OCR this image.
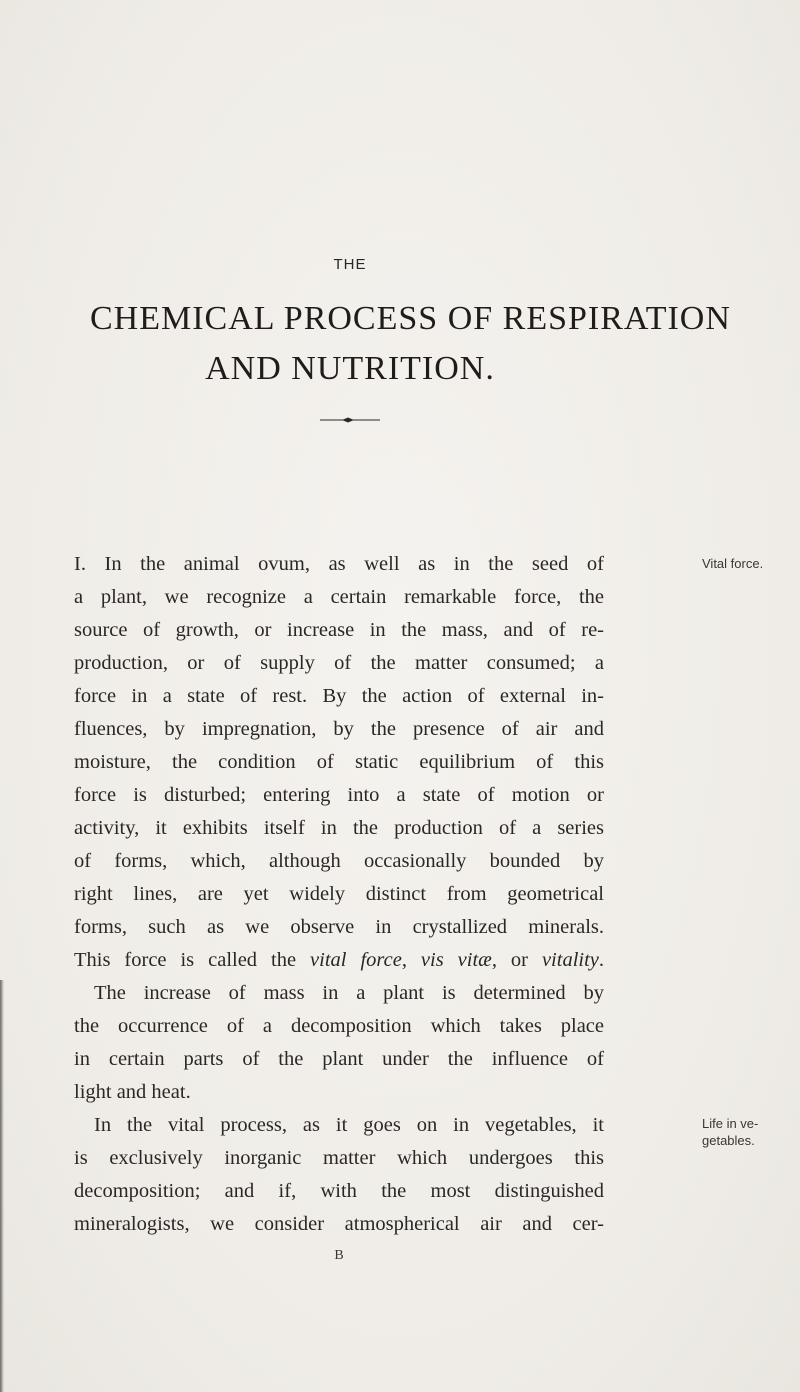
THE
CHEMICAL PROCESS OF RESPIRATION
AND NUTRITION.
I. In the animal ovum, as well as in the seed of
a plant, we recognize a certain remarkable force, the
source of growth, or increase in the mass, and of re-
production, or of supply of the matter consumed; a
force in a state of rest. By the action of external in-
fluences, by impregnation, by the presence of air and
moisture, the condition of static equilibrium of this
force is disturbed; entering into a state of motion or
activity, it exhibits itself in the production of a series
of forms, which, although occasionally bounded by
right lines, are yet widely distinct from geometrical
forms, such as we observe in crystallized minerals.
This force is called the vital force, vis vitæ, or vitality.
The increase of mass in a plant is determined by
the occurrence of a decomposition which takes place
in certain parts of the plant under the influence of
light and heat.
In the vital process, as it goes on in vegetables, it
is exclusively inorganic matter which undergoes this
decomposition; and if, with the most distinguished
mineralogists, we consider atmospherical air and cer-
Vital force.
Life in ve-
getables.
B
